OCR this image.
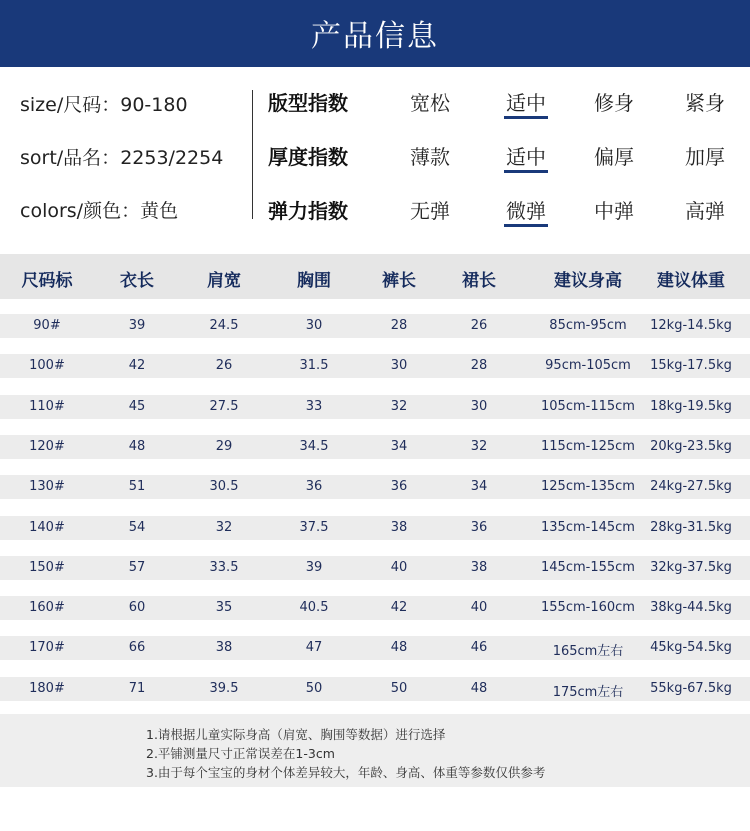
产品信息
size/尺码：90-180
sort/品名：2253/2254
colors/颜色：黄色
版型指数	宽松	适中	修身	紧身
厚度指数	薄款	适中	偏厚	加厚
弹力指数	无弹	微弹	中弹	高弹
尺码标	衣长	肩宽	胸围	裤长	裙长	建议身高	建议体重
90#	39	24.5	30	28	26	85cm-95cm	12kg-14.5kg
100#	42	26	31.5	30	28	95cm-105cm	15kg-17.5kg
110#	45	27.5	33	32	30	105cm-115cm	18kg-19.5kg
120#	48	29	34.5	34	32	115cm-125cm	20kg-23.5kg
130#	51	30.5	36	36	34	125cm-135cm	24kg-27.5kg
140#	54	32	37.5	38	36	135cm-145cm	28kg-31.5kg
150#	57	33.5	39	40	38	145cm-155cm	32kg-37.5kg
160#	60	35	40.5	42	40	155cm-160cm	38kg-44.5kg
170#	66	38	47	48	46	165cm左右	45kg-54.5kg
180#	71	39.5	50	50	48	175cm左右	55kg-67.5kg
1.请根据儿童实际身高（肩宽、胸围等数据）进行选择
2.平铺测量尺寸正常误差在1-3cm
3.由于每个宝宝的身材个体差异较大，年龄、身高、体重等参数仅供参考
